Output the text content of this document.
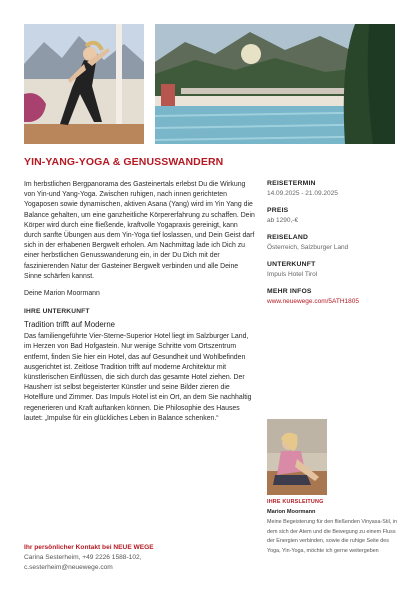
YIN-YANG-YOGA & GENUSSWANDERN

Im herbstlichen Bergpanorama des Gasteinertals erlebst Du die Wirkung von Yin-und Yang-Yoga. Zwischen ruhigen, nach innen gerichteten Yogaposen sowie dynamischen, aktiven Asana (Yang) wird im Yin Yang die Balance gehalten, um eine ganzheitliche Körpererfahrung zu schaffen. Dein Körper wird durch eine fließende, kraftvolle Yogapraxis gereinigt, kann durch sanfte Übungen aus dem Yin-Yoga tief loslassen, und Dein Geist darf sich in der erhabenen Bergwelt erholen. Am Nachmittag lade ich Dich zu einer herbstlichen Genusswanderung ein, in der Du Dich mit der faszinierenden Natur der Gasteiner Bergwelt verbinden und alle Deine Sinne schärfen kannst.

Deine Marion Moormann

IHRE UNTERKUNFT
Tradition trifft auf Moderne

Das familiengeführte Vier-Sterne-Superior Hotel liegt im Salzburger Land, im Herzen von Bad Hofgastein. Nur wenige Schritte vom Ortszentrum entfernt, finden Sie hier ein Hotel, das auf Gesundheit und Wohlbefinden ausgerichtet ist. Zeitlose Tradition trifft auf moderne Architektur mit künstlerischen Einflüssen, die sich durch das gesamte Hotel ziehen. Der Hausherr ist selbst begeisterter Künstler und seine Bilder zieren die Hotelflure und Zimmer. Das Impuls Hotel ist ein Ort, an dem Sie nachhaltig regenerieren und Kraft auftanken können. Die Philosophie des Hauses lautet: „Impulse für ein glückliches Leben in Balance schenken.“

REISETERMIN

14.09.2025 - 21.09.2025

PREIS

ab 1290,-€

REISELAND

Österreich, Salzburger Land

UNTERKUNFT

Impuls Hotel Tirol

MEHR INFOS

www.neuewege.com/5ATH1805

IHRE KURSLEITUNG

Marion Moormann

Meine Begeisterung für den fließenden Vinyasa-Stil, in dem sich der Atem und die Bewegung zu einem Fluss der Energien verbinden, sowie die ruhige Seite des Yoga, Yin-Yoga, möchte ich gerne weitergeben

Ihr persönlicher Kontakt bei NEUE WEGE

Carina Sesterheim, +49 2226 1588-102,

c.sesterheim@neuewege.com
